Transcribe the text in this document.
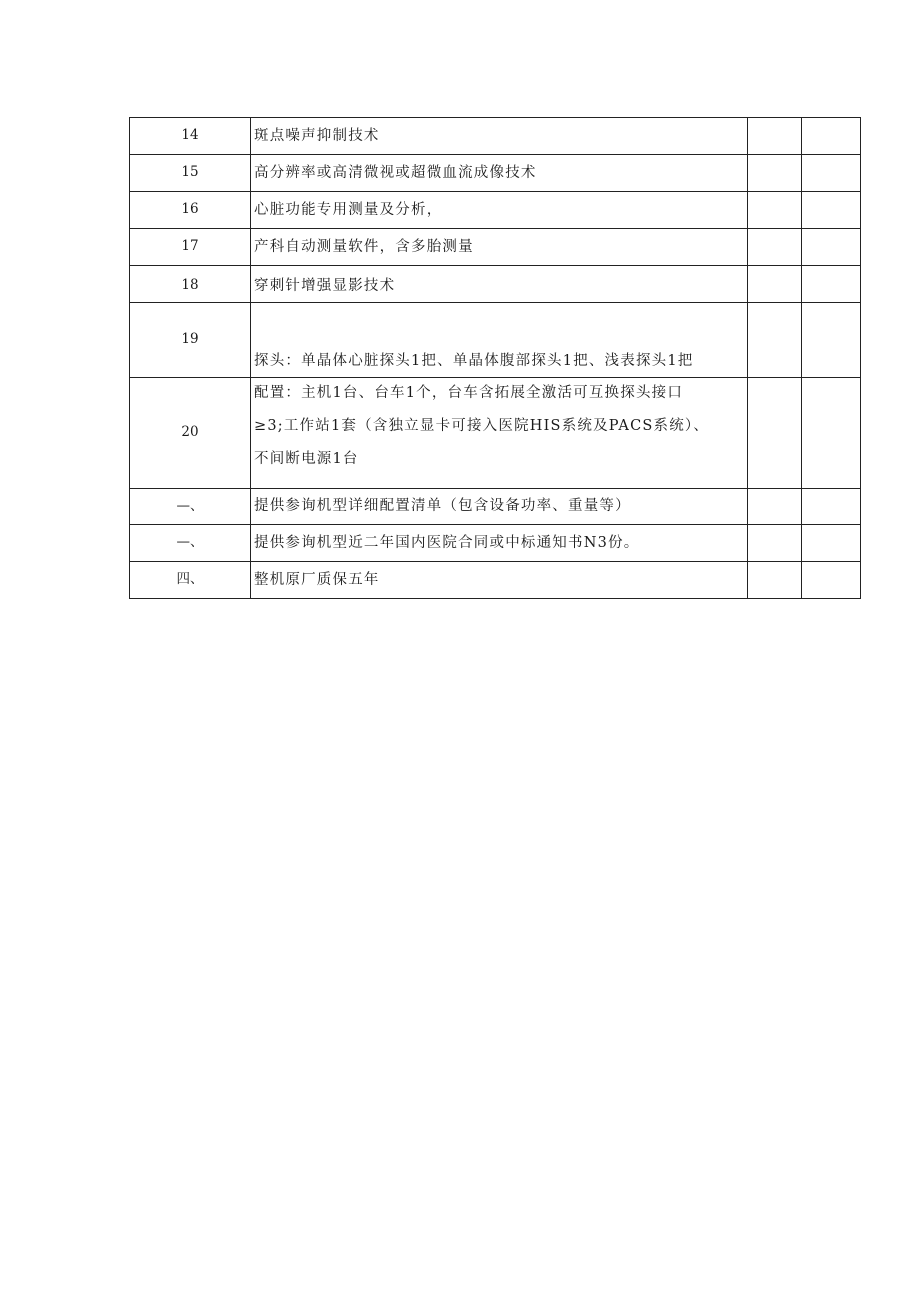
14	斑点噪声抑制技术		
15	高分辨率或高清微视或超微血流成像技术		
16	心脏功能专用测量及分析，		
17	产科自动测量软件，含多胎测量		
18	穿刺针增强显影技术		
19	探头：单晶体心脏探头1把、单晶体腹部探头1把、浅表探头1把		
20	配置：主机1台、台车1个，台车含拓展全激活可互换探头接口
≥3;工作站1套（含独立显卡可接入医院HIS系统及PACS系统）、
不间断电源1台		

—、	提供参询机型详细配置清单（包含设备功率、重量等）		
—、	提供参询机型近二年国内医院合同或中标通知书N3份。		
四、	整机原厂质保五年		
